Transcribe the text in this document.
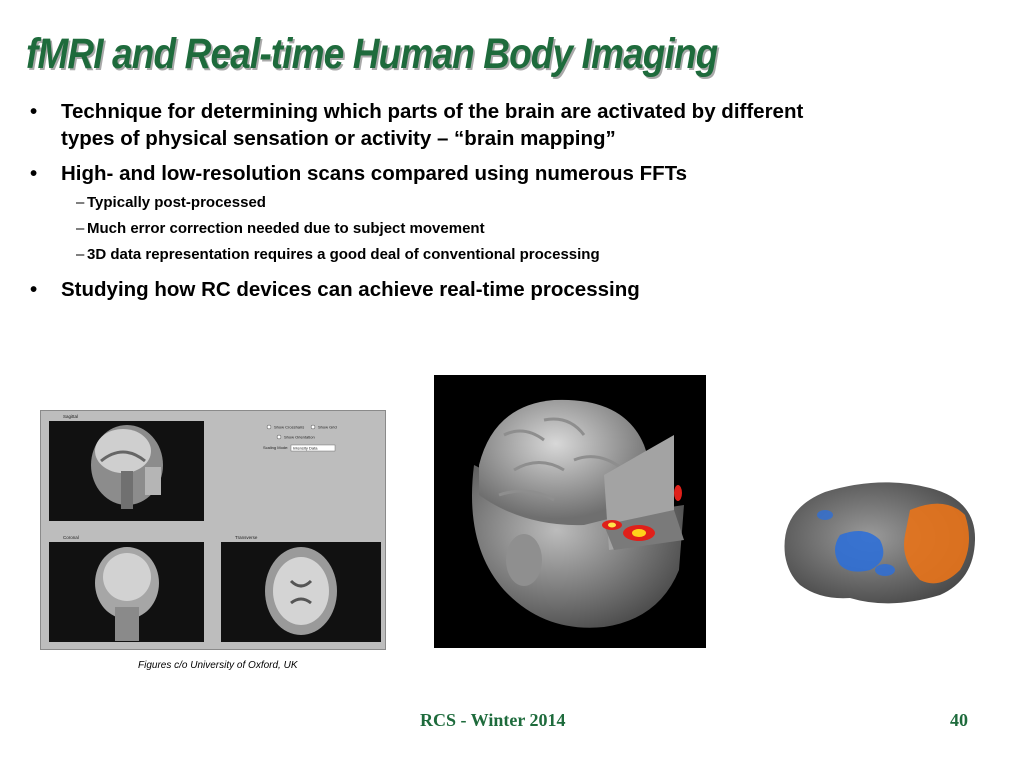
fMRI and Real-time Human Body Imaging
• Technique for determining which parts of the brain are activated by different types of physical sensation or activity – “brain mapping”
• High- and low-resolution scans compared using numerous FFTs
– Typically post-processed
– Much error correction needed due to subject movement
– 3D data representation requires a good deal of conventional processing
• Studying how RC devices can achieve real-time processing
Sagittal
Show Crosshairs	Show Grid
Show Orientation
Scaling Mode: Intensity Data
Coronal	Transverse
Figures c/o University of Oxford, UK
RCS - Winter 2014	40
